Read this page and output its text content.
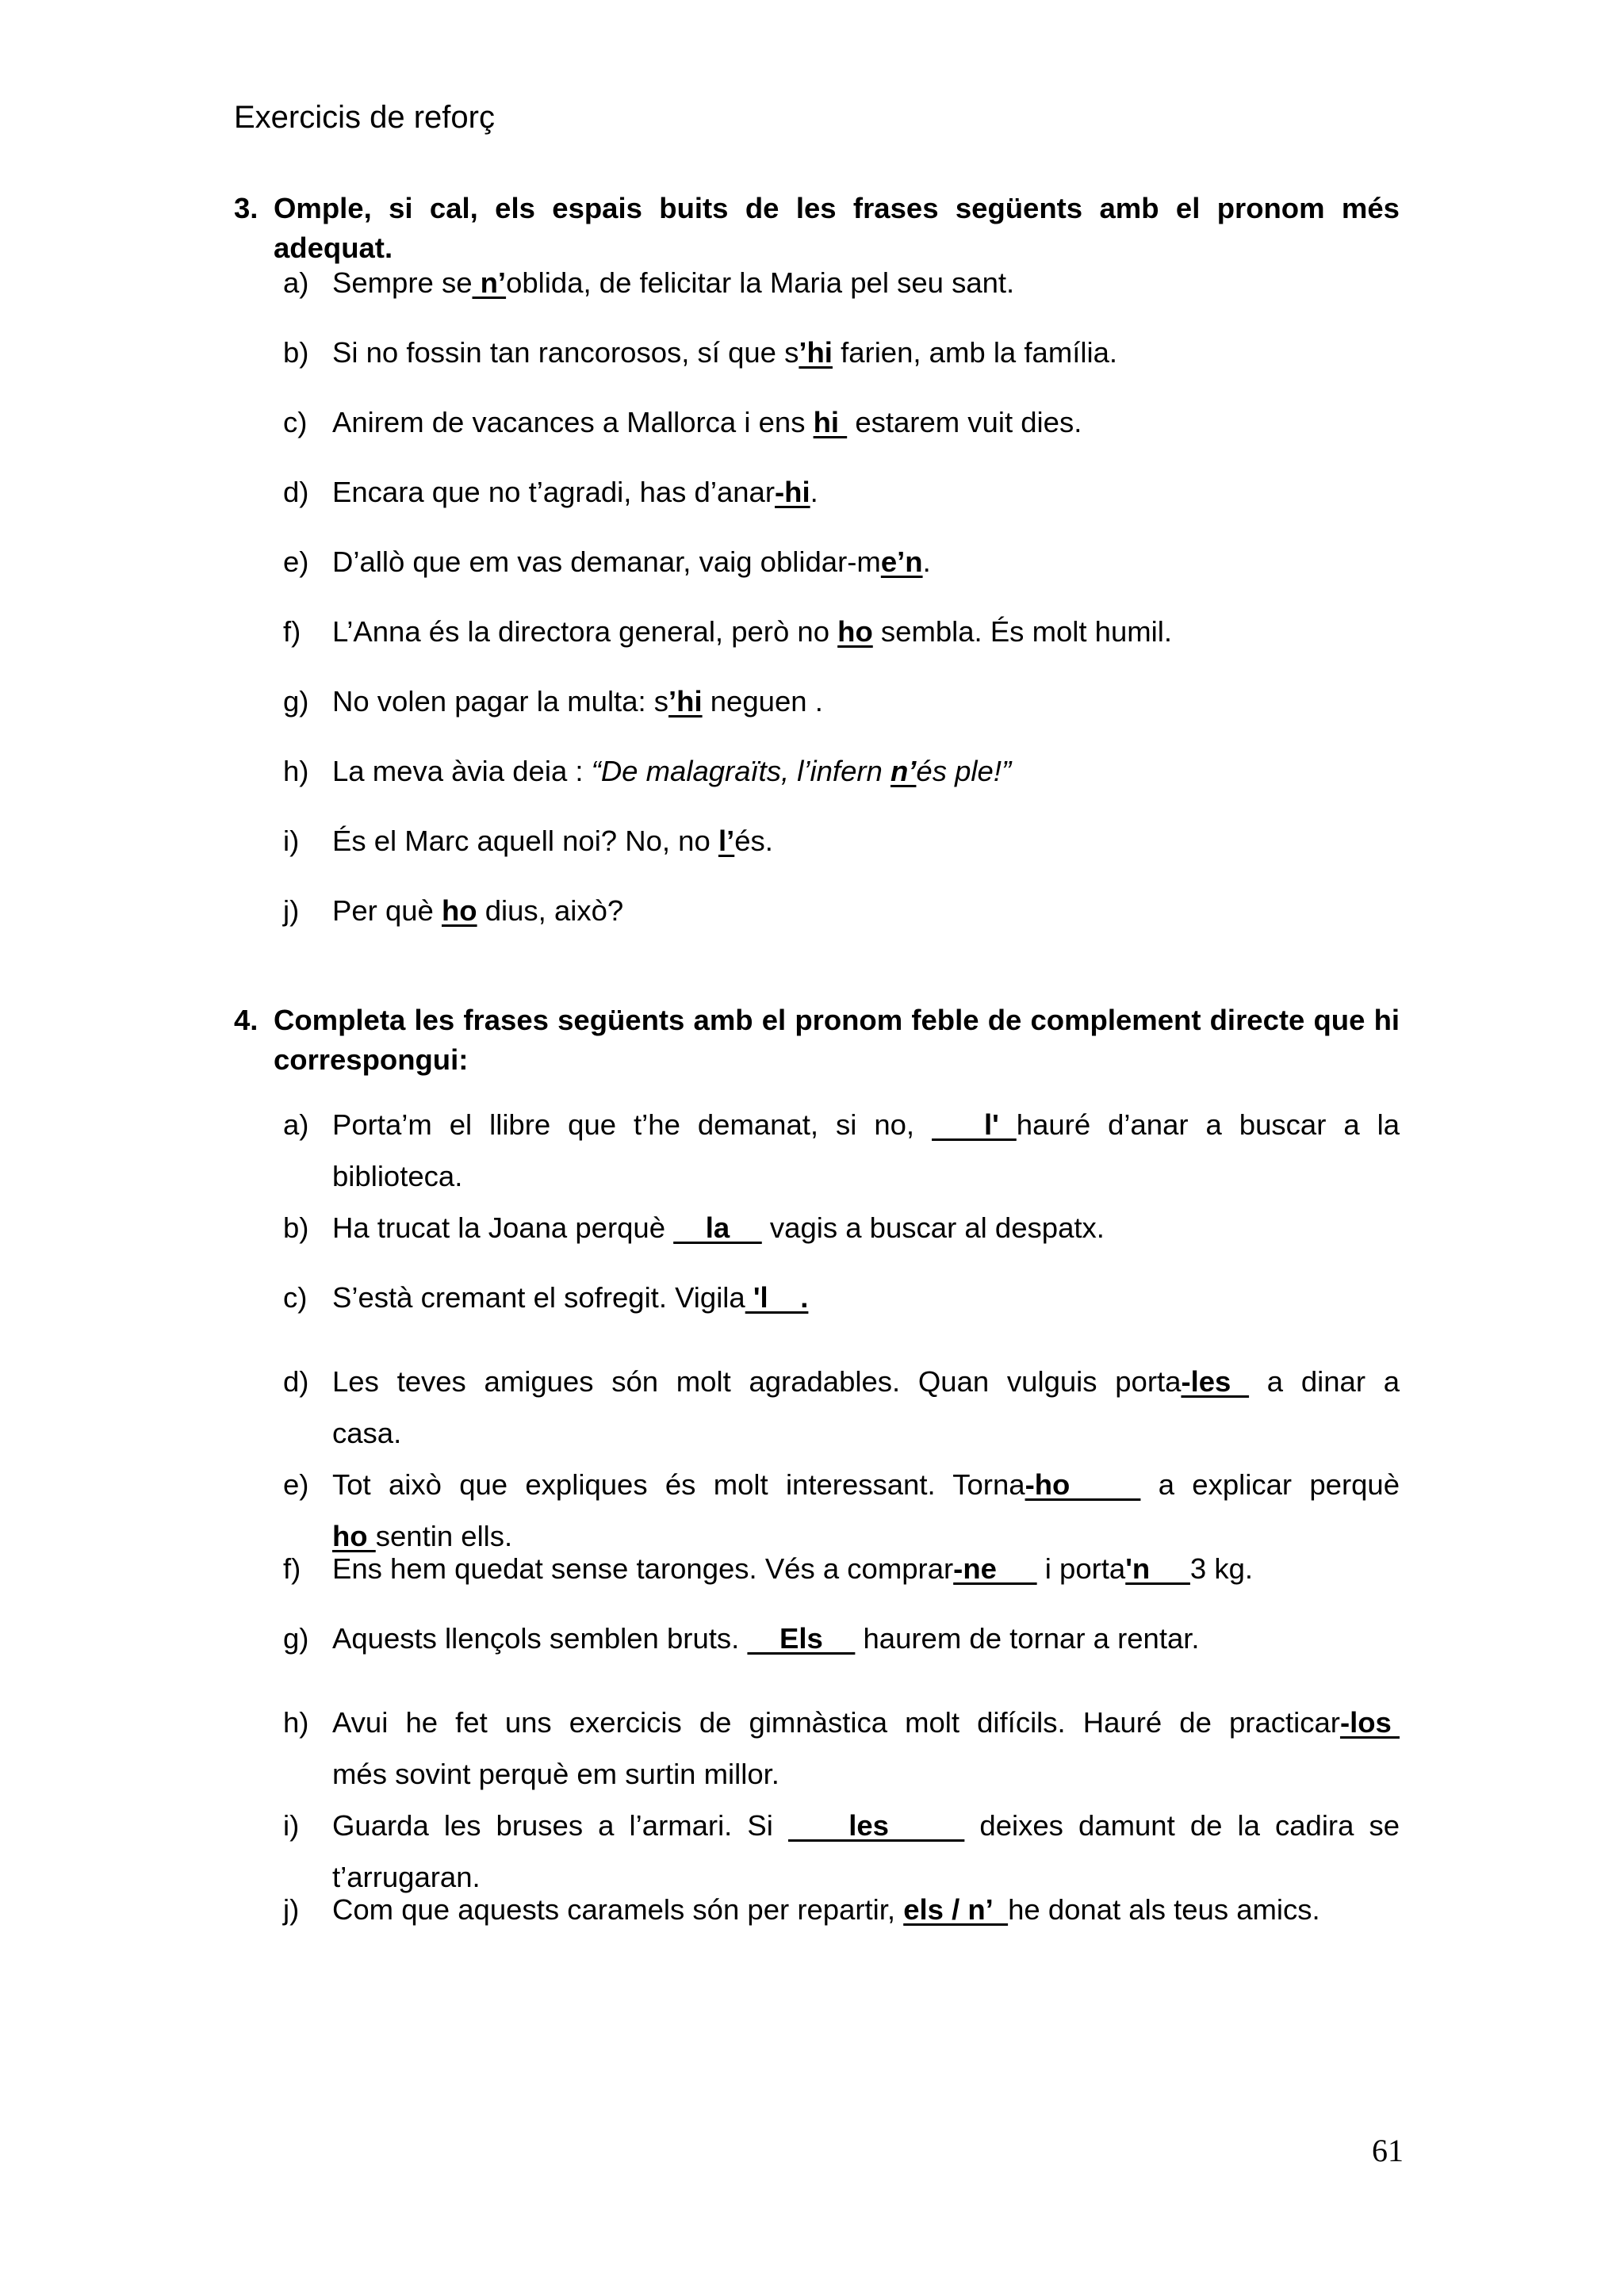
Exercicis de reforç
3. Omple, si cal, els espais buits de les frases següents amb el pronom més adequat.
a) Sempre se n’oblida, de felicitar la Maria pel seu sant.
b) Si no fossin tan rancorosos, sí que s’hi farien, amb la família.
c) Anirem de vacances a Mallorca i ens hi  estarem vuit dies.
d) Encara que no t’agradi, has d’anar-hi.
e) D’allò que em vas demanar, vaig oblidar-me’n.
f)	L’Anna és la directora general, però no ho sembla. És molt humil.
g) No volen pagar la multa: s’hi neguen .
h) La meva àvia deia : “De malagraïts, l’infern n’és ple!”
i)	És el Marc aquell noi? No, no l’és.
j)	Per què ho dius, això?
4. Completa les frases següents amb el pronom feble de complement directe que hi correspongui:
a) Porta’m el llibre que t’he demanat, si no,    l' hauré d’anar a buscar a la
biblioteca.
b) Ha trucat la Joana perquè     la     vagis a buscar al despatx.
c) S’està cremant el sofregit. Vigila 'l    .
d) Les teves amigues són molt agradables. Quan vulguis porta-les  a dinar a
casa.
e) Tot això que expliques és molt interessant. Torna-ho     a explicar perquè
ho sentin ells.
f)	Ens hem quedat sense taronges. Vés a comprar-ne      i porta'n     3 kg.
g) Aquests llençols semblen bruts.     Els     haurem de tornar a rentar.
h) Avui he fet uns exercicis de gimnàstica molt difícils. Hauré de practicar-los
més sovint perquè em surtin millor.
i)	Guarda les bruses a l’armari. Si     les      deixes damunt de la cadira se
t’arrugaran.
j)	Com que aquests caramels són per repartir, els / n’  he donat als teus amics.
61
